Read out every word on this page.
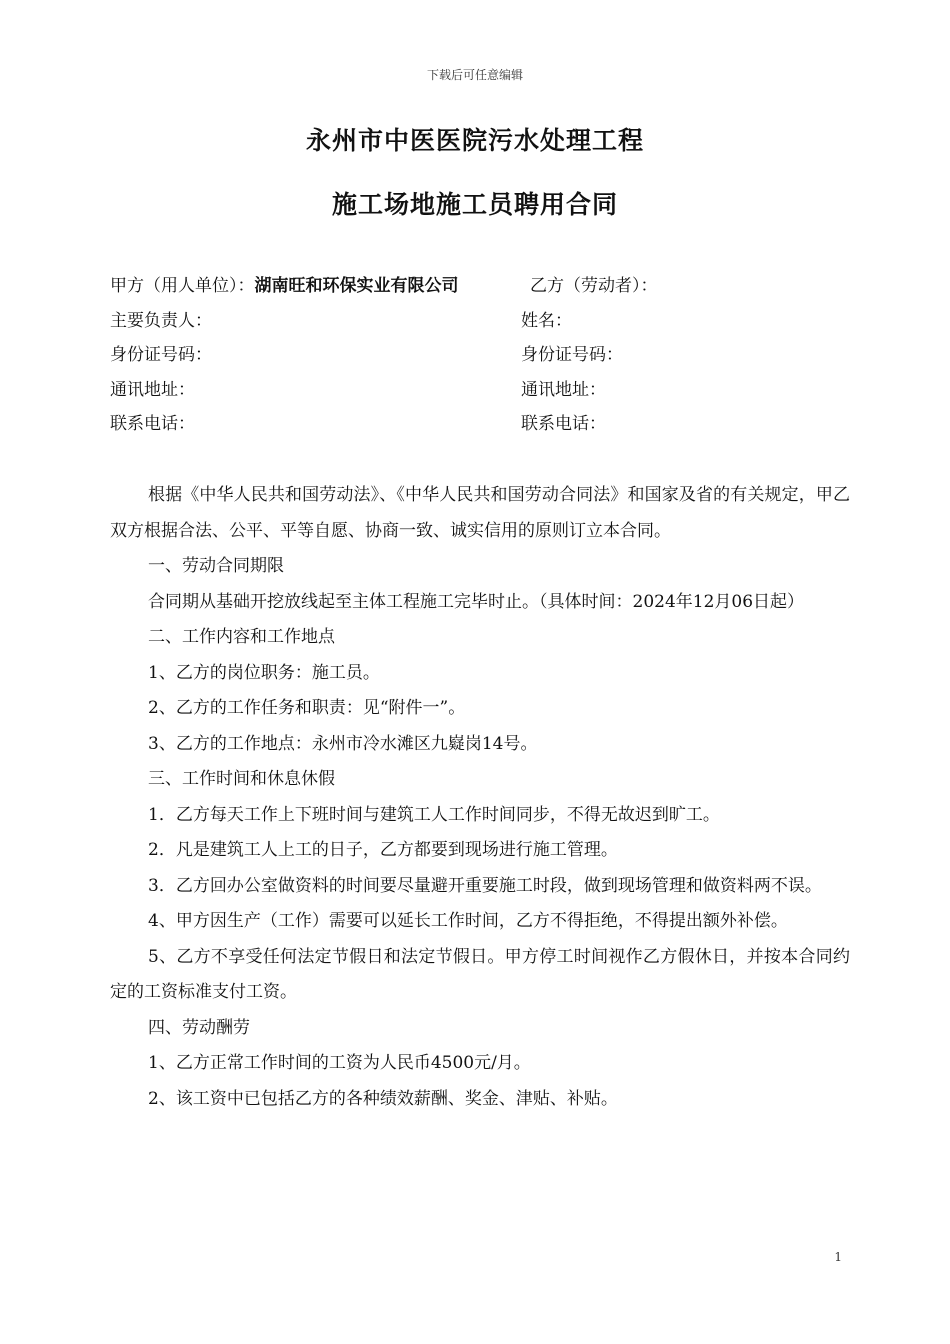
下载后可任意编辑
永州市中医医院污水处理工程
施工场地施工员聘用合同
甲方（用人单位）：湖南旺和环保实业有限公司	乙方（劳动者）：
主要负责人：	姓名：
身份证号码：	身份证号码：
通讯地址：	通讯地址：
联系电话：	联系电话：

根据《中华人民共和国劳动法》、《中华人民共和国劳动合同法》和国家及省的有关规定，甲乙双方根据合法、公平、平等自愿、协商一致、诚实信用的原则订立本合同。

一、劳动合同期限

合同期从基础开挖放线起至主体工程施工完毕时止。（具体时间：2024年12月06日起）

二、工作内容和工作地点

1、乙方的岗位职务：施工员。

2、乙方的工作任务和职责：见“附件一”。

3、乙方的工作地点：永州市冷水滩区九嶷岗14号。

三、工作时间和休息休假

1．乙方每天工作上下班时间与建筑工人工作时间同步，不得无故迟到旷工。

2．凡是建筑工人上工的日子，乙方都要到现场进行施工管理。

3．乙方回办公室做资料的时间要尽量避开重要施工时段，做到现场管理和做资料两不误。

4、甲方因生产（工作）需要可以延长工作时间，乙方不得拒绝，不得提出额外补偿。

5、乙方不享受任何法定节假日和法定节假日。甲方停工时间视作乙方假休日，并按本合同约定的工资标准支付工资。

四、劳动酬劳

1、乙方正常工作时间的工资为人民币4500元/月。

2、该工资中已包括乙方的各种绩效薪酬、奖金、津贴、补贴。

1
